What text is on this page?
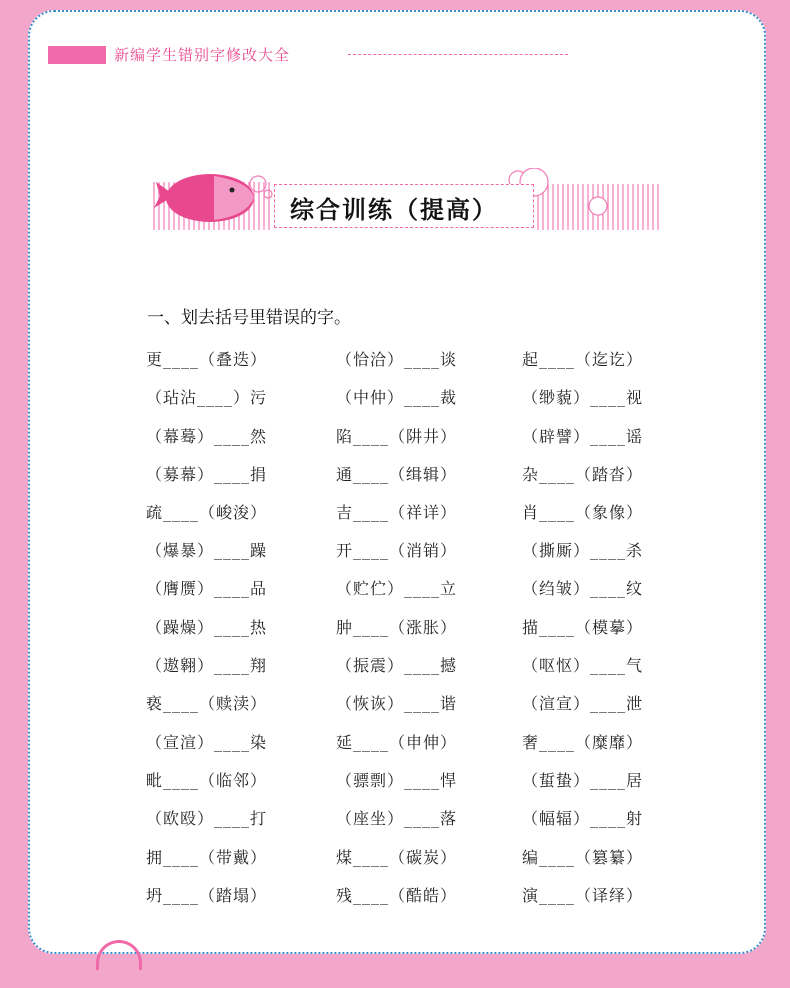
新编学生错别字修改大全
综合训练（提高）
一、划去括号里错误的字。
更____（叠迭）	（恰洽）____谈	起____（迄讫）
（玷沾____）污	（中仲）____裁	（缈藐）____视
（幕蓦）____然	陷____（阱井）	（辟譬）____谣
（募幕）____捐	通____（缉辑）	杂____（踏沓）
疏____（峻浚）	吉____（祥详）	肖____（象像）
（爆暴）____躁	开____（消销）	（撕厮）____杀
（膺赝）____品	（贮伫）____立	（绉皱）____纹
（躁燥）____热	肿____（涨胀）	描____（模摹）
（遨翱）____翔	（振震）____撼	（呕怄）____气
亵____（赎渎）	（恢诙）____谐	（渲宣）____泄
（宣渲）____染	延____（申伸）	奢____（糜靡）
毗____（临邻）	（骠剽）____悍	（蜇蛰）____居
（欧殴）____打	（座坐）____落	（幅辐）____射
拥____（带戴）	煤____（碳炭）	编____（篡纂）
坍____（踏塌）	残____（酷皓）	演____（译绎）
